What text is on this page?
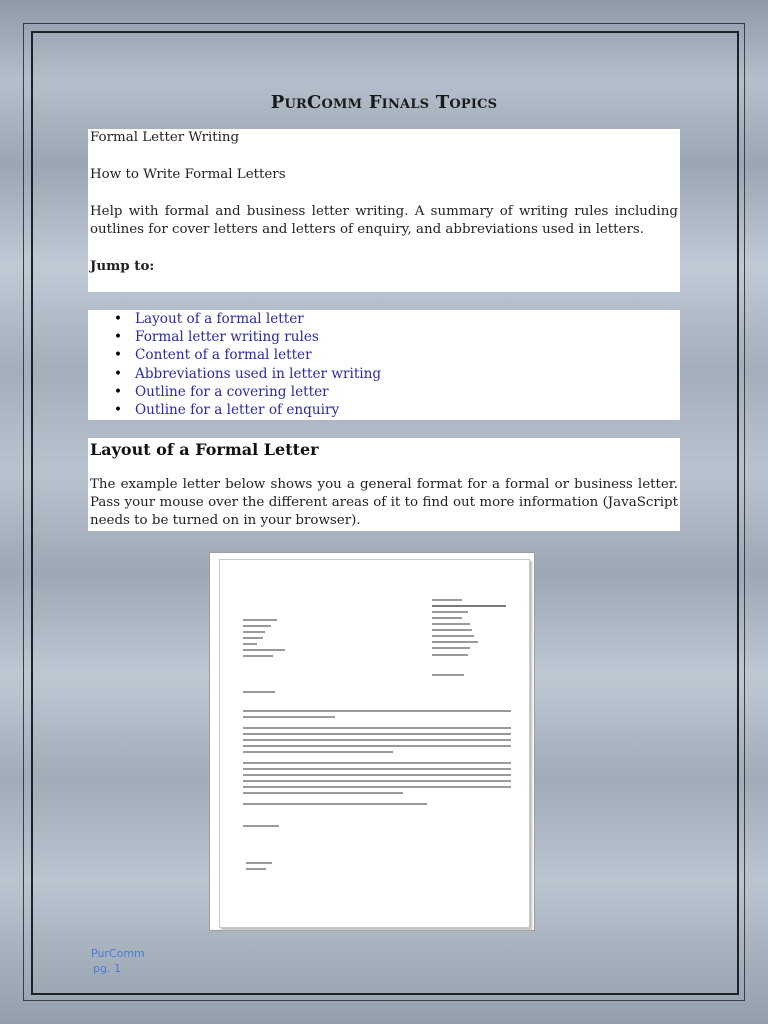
PurComm Finals Topics

Formal Letter Writing

How to Write Formal Letters

Help with formal and business letter writing. A summary of writing rules including outlines for cover letters and letters of enquiry, and abbreviations used in letters.

Jump to:

• Layout of a formal letter
• Formal letter writing rules
• Content of a formal letter
• Abbreviations used in letter writing
• Outline for a covering letter
• Outline for a letter of enquiry
Layout of a Formal Letter

The example letter below shows you a general format for a formal or business letter. Pass your mouse over the different areas of it to find out more information (JavaScript needs to be turned on in your browser).

PurComm
pg. 1
